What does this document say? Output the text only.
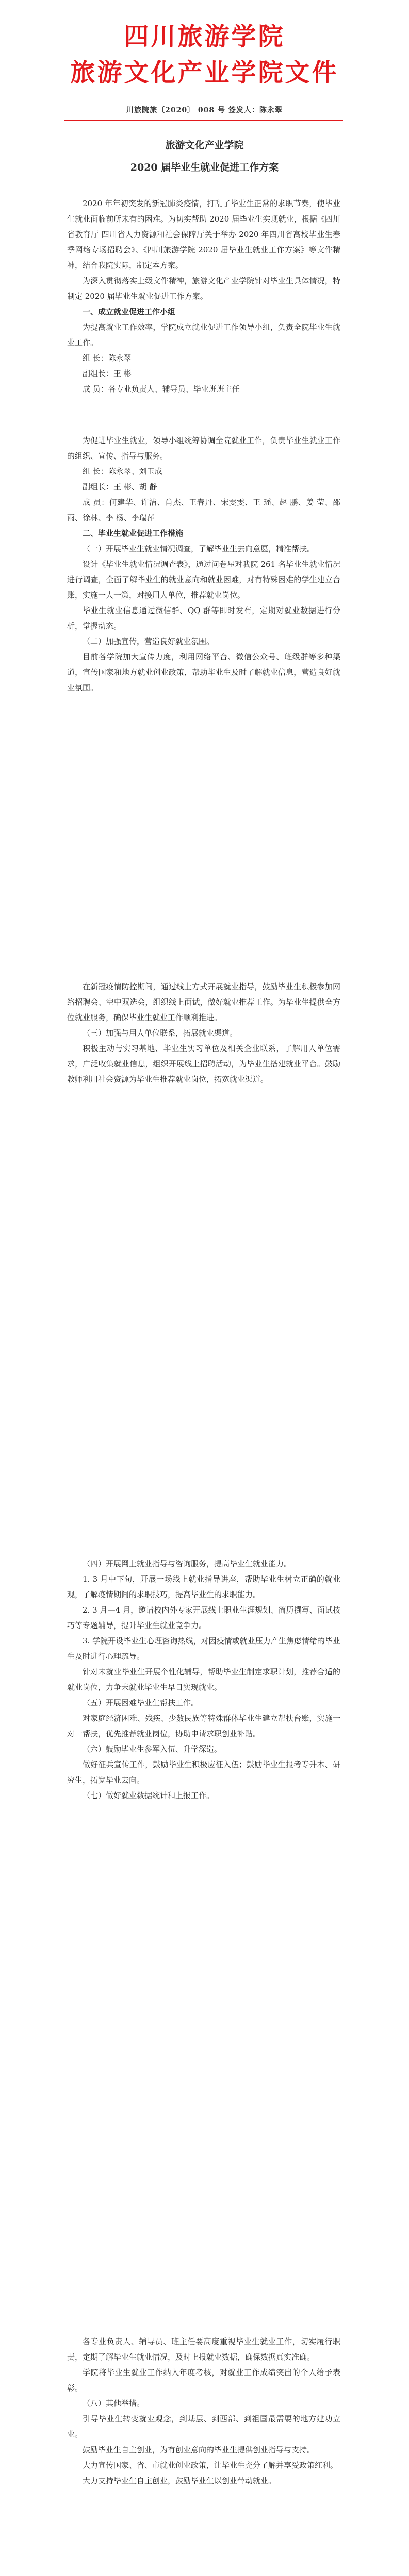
四川旅游学院
旅游文化产业学院文件
川旅院旅〔2020〕 008 号 签发人：陈永翠
旅游文化产业学院
2020 届毕业生就业促进工作方案

2020 年年初突发的新冠肺炎疫情，打乱了毕业生正常的求职节奏，使毕业生就业面临前所未有的困难。为切实帮助 2020 届毕业生实现就业，根据《四川省教育厅 四川省人力资源和社会保障厅关于举办 2020 年四川省高校毕业生春季网络专场招聘会》、《四川旅游学院 2020 届毕业生就业工作方案》等文件精神，结合我院实际，制定本方案。

为深入贯彻落实上级文件精神，旅游文化产业学院针对毕业生具体情况，特制定 2020 届毕业生就业促进工作方案。

一、成立就业促进工作小组

为提高就业工作效率，学院成立就业促进工作领导小组，负责全院毕业生就业工作。

组 长：陈永翠

副组长：王 彬

成 员：各专业负责人、辅导员、毕业班班主任

为促进毕业生就业，领导小组统筹协调全院就业工作，负责毕业生就业工作的组织、宣传、指导与服务。

组 长：陈永翠、刘玉成

副组长：王 彬、胡 静

成 员：何建华、许洁、肖杰、王春丹、宋雯雯、王 瑶、赵 鹏、姜 莹、邵 雨、徐林、李 杨、李瑞萍

二、毕业生就业促进工作措施

（一）开展毕业生就业情况调查，了解毕业生去向意愿，精准帮扶。

设计《毕业生就业情况调查表》，通过问卷星对我院 261 名毕业生就业情况进行调查，全面了解毕业生的就业意向和就业困难，对有特殊困难的学生建立台账，实施一人一策，对接用人单位，推荐就业岗位。

毕业生就业信息通过微信群、QQ 群等即时发布，定期对就业数据进行分析，掌握动态。

（二）加强宣传，营造良好就业氛围。

目前各学院加大宣传力度，利用网络平台、微信公众号、班级群等多种渠道，宣传国家和地方就业创业政策，帮助毕业生及时了解就业信息，营造良好就业氛围。

在新冠疫情防控期间，通过线上方式开展就业指导，鼓励毕业生积极参加网络招聘会、空中双选会，组织线上面试，做好就业推荐工作。为毕业生提供全方位就业服务，确保毕业生就业工作顺利推进。

（三）加强与用人单位联系，拓展就业渠道。

积极主动与实习基地、毕业生实习单位及相关企业联系，了解用人单位需求，广泛收集就业信息，组织开展线上招聘活动，为毕业生搭建就业平台。鼓励教师利用社会资源为毕业生推荐就业岗位，拓宽就业渠道。

（四）开展网上就业指导与咨询服务，提高毕业生就业能力。

1. 3 月中下旬，开展一场线上就业指导讲座，帮助毕业生树立正确的就业观，了解疫情期间的求职技巧，提高毕业生的求职能力。

2. 3 月—4 月，邀请校内外专家开展线上职业生涯规划、简历撰写、面试技巧等专题辅导，提升毕业生就业竞争力。

3. 学院开设毕业生心理咨询热线，对因疫情或就业压力产生焦虑情绪的毕业生及时进行心理疏导。

针对未就业毕业生开展个性化辅导，帮助毕业生制定求职计划，推荐合适的就业岗位，力争未就业毕业生早日实现就业。

（五）开展困难毕业生帮扶工作。

对家庭经济困难、残疾、少数民族等特殊群体毕业生建立帮扶台账，实施一对一帮扶，优先推荐就业岗位，协助申请求职创业补贴。

（六）鼓励毕业生参军入伍、升学深造。

做好征兵宣传工作，鼓励毕业生积极应征入伍；鼓励毕业生报考专升本、研究生，拓宽毕业去向。

（七）做好就业数据统计和上报工作。

各专业负责人、辅导员、班主任要高度重视毕业生就业工作，切实履行职责，定期了解毕业生就业情况，及时上报就业数据，确保数据真实准确。

学院将毕业生就业工作纳入年度考核，对就业工作成绩突出的个人给予表彰。

（八）其他举措。

引导毕业生转变就业观念，到基层、到西部、到祖国最需要的地方建功立业。

鼓励毕业生自主创业，为有创业意向的毕业生提供创业指导与支持。

大力宣传国家、省、市就业创业政策，让毕业生充分了解并享受政策红利。

大力支持毕业生自主创业，鼓励毕业生以创业带动就业。
